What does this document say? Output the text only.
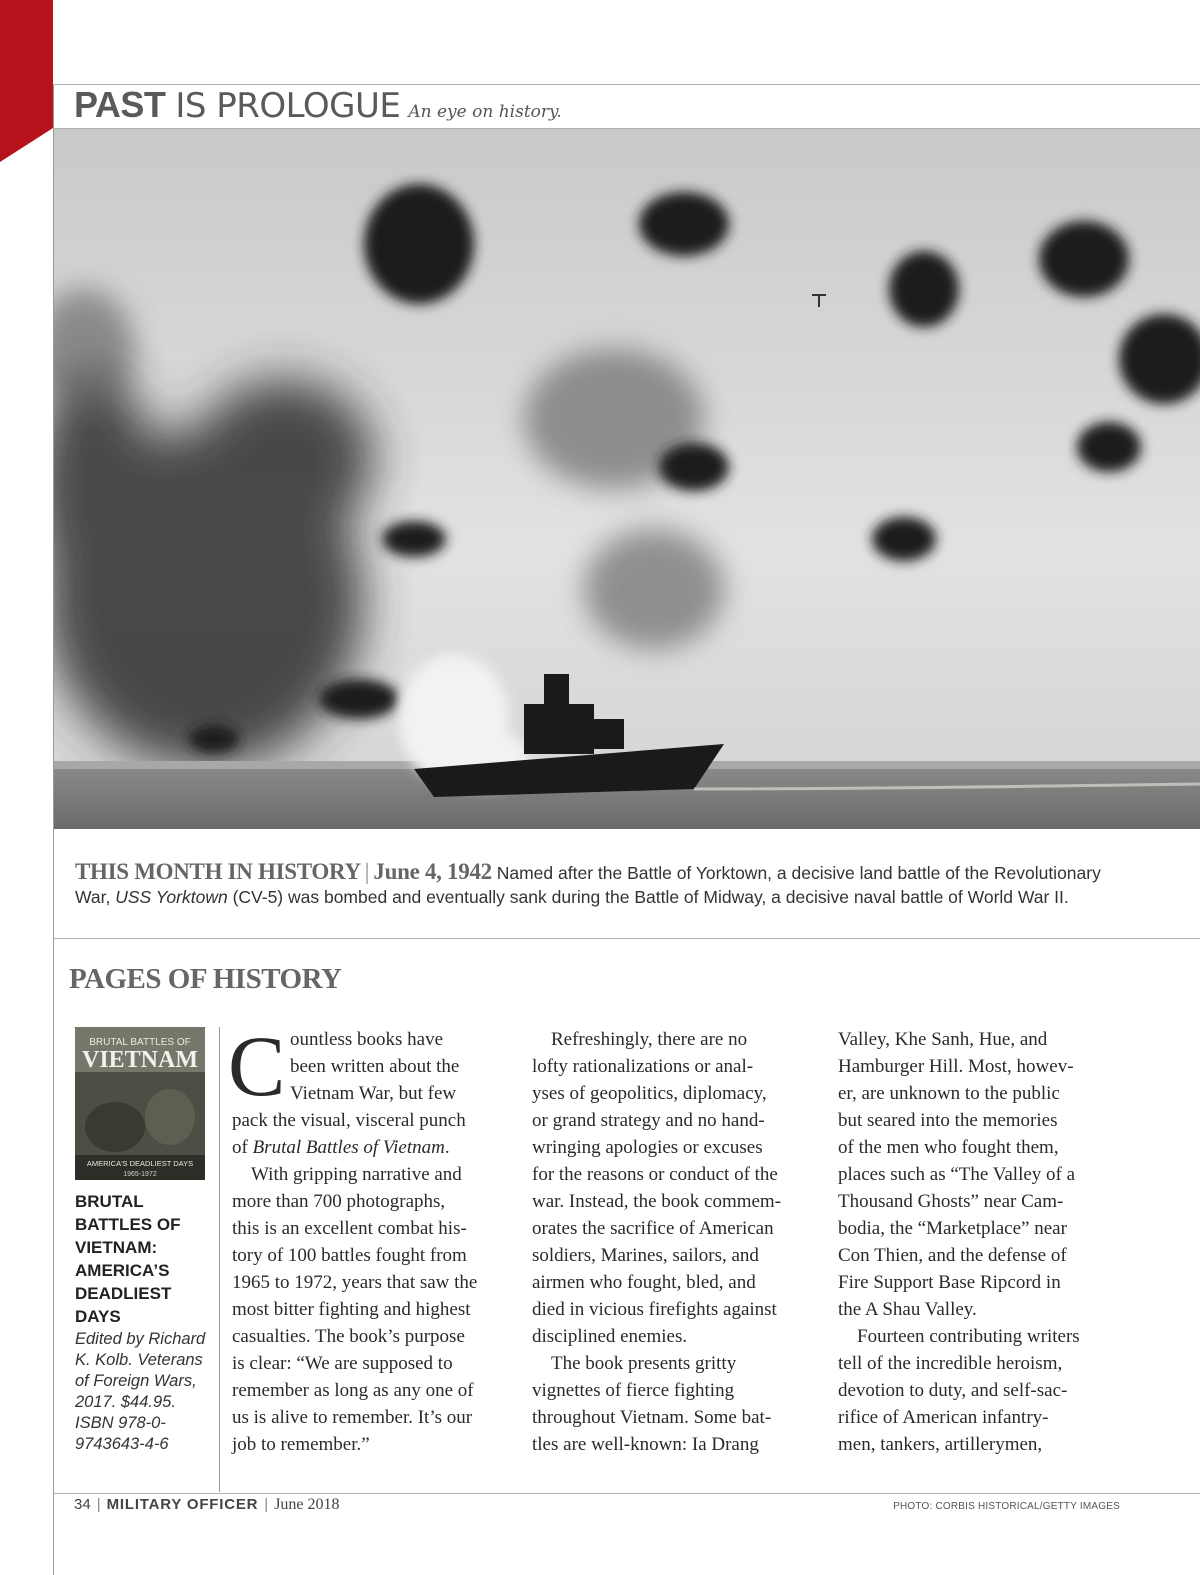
PAST IS PROLOGUE An eye on history.
THIS MONTH IN HISTORY | June 4, 1942 Named after the Battle of Yorktown, a decisive land battle of the Revolutionary War, USS Yorktown (CV-5) was bombed and eventually sank during the Battle of Midway, a decisive naval battle of World War II.
PAGES OF HISTORY
BRUTAL BATTLES OF
VIETNAM
AMERICA'S DEADLIEST DAYS
1965-1972
BRUTAL
BATTLES OF
VIETNAM:
AMERICA’S
DEADLIEST
DAYS
Edited by Richard
K. Kolb. Veterans
of Foreign Wars,
2017. $44.95.
ISBN 978-0-
9743643-4-6
C ountless books have

been written about the

Vietnam War, but few

pack the visual, visceral punch

of Brutal Battles of Vietnam.

With gripping narrative and

more than 700 photographs,

this is an excellent combat his-

tory of 100 battles fought from

1965 to 1972, years that saw the

most bitter fighting and highest

casualties. The book’s purpose

is clear: “We are supposed to

remember as long as any one of

us is alive to remember. It’s our

job to remember.”

Refreshingly, there are no

lofty rationalizations or anal-

yses of geopolitics, diplomacy,

or grand strategy and no hand-

wringing apologies or excuses

for the reasons or conduct of the

war. Instead, the book commem-

orates the sacrifice of American

soldiers, Marines, sailors, and

airmen who fought, bled, and

died in vicious firefights against

disciplined enemies.

The book presents gritty

vignettes of fierce fighting

throughout Vietnam. Some bat-

tles are well-known: Ia Drang

Valley, Khe Sanh, Hue, and

Hamburger Hill. Most, howev-

er, are unknown to the public

but seared into the memories

of the men who fought them,

places such as “The Valley of a

Thousand Ghosts” near Cam-

bodia, the “Marketplace” near

Con Thien, and the defense of

Fire Support Base Ripcord in

the A Shau Valley.

Fourteen contributing writers

tell of the incredible heroism,

devotion to duty, and self-sac-

rifice of American infantry-

men, tankers, artillerymen,

34 | MILITARY OFFICER | June 2018	PHOTO: CORBIS HISTORICAL/GETTY IMAGES
